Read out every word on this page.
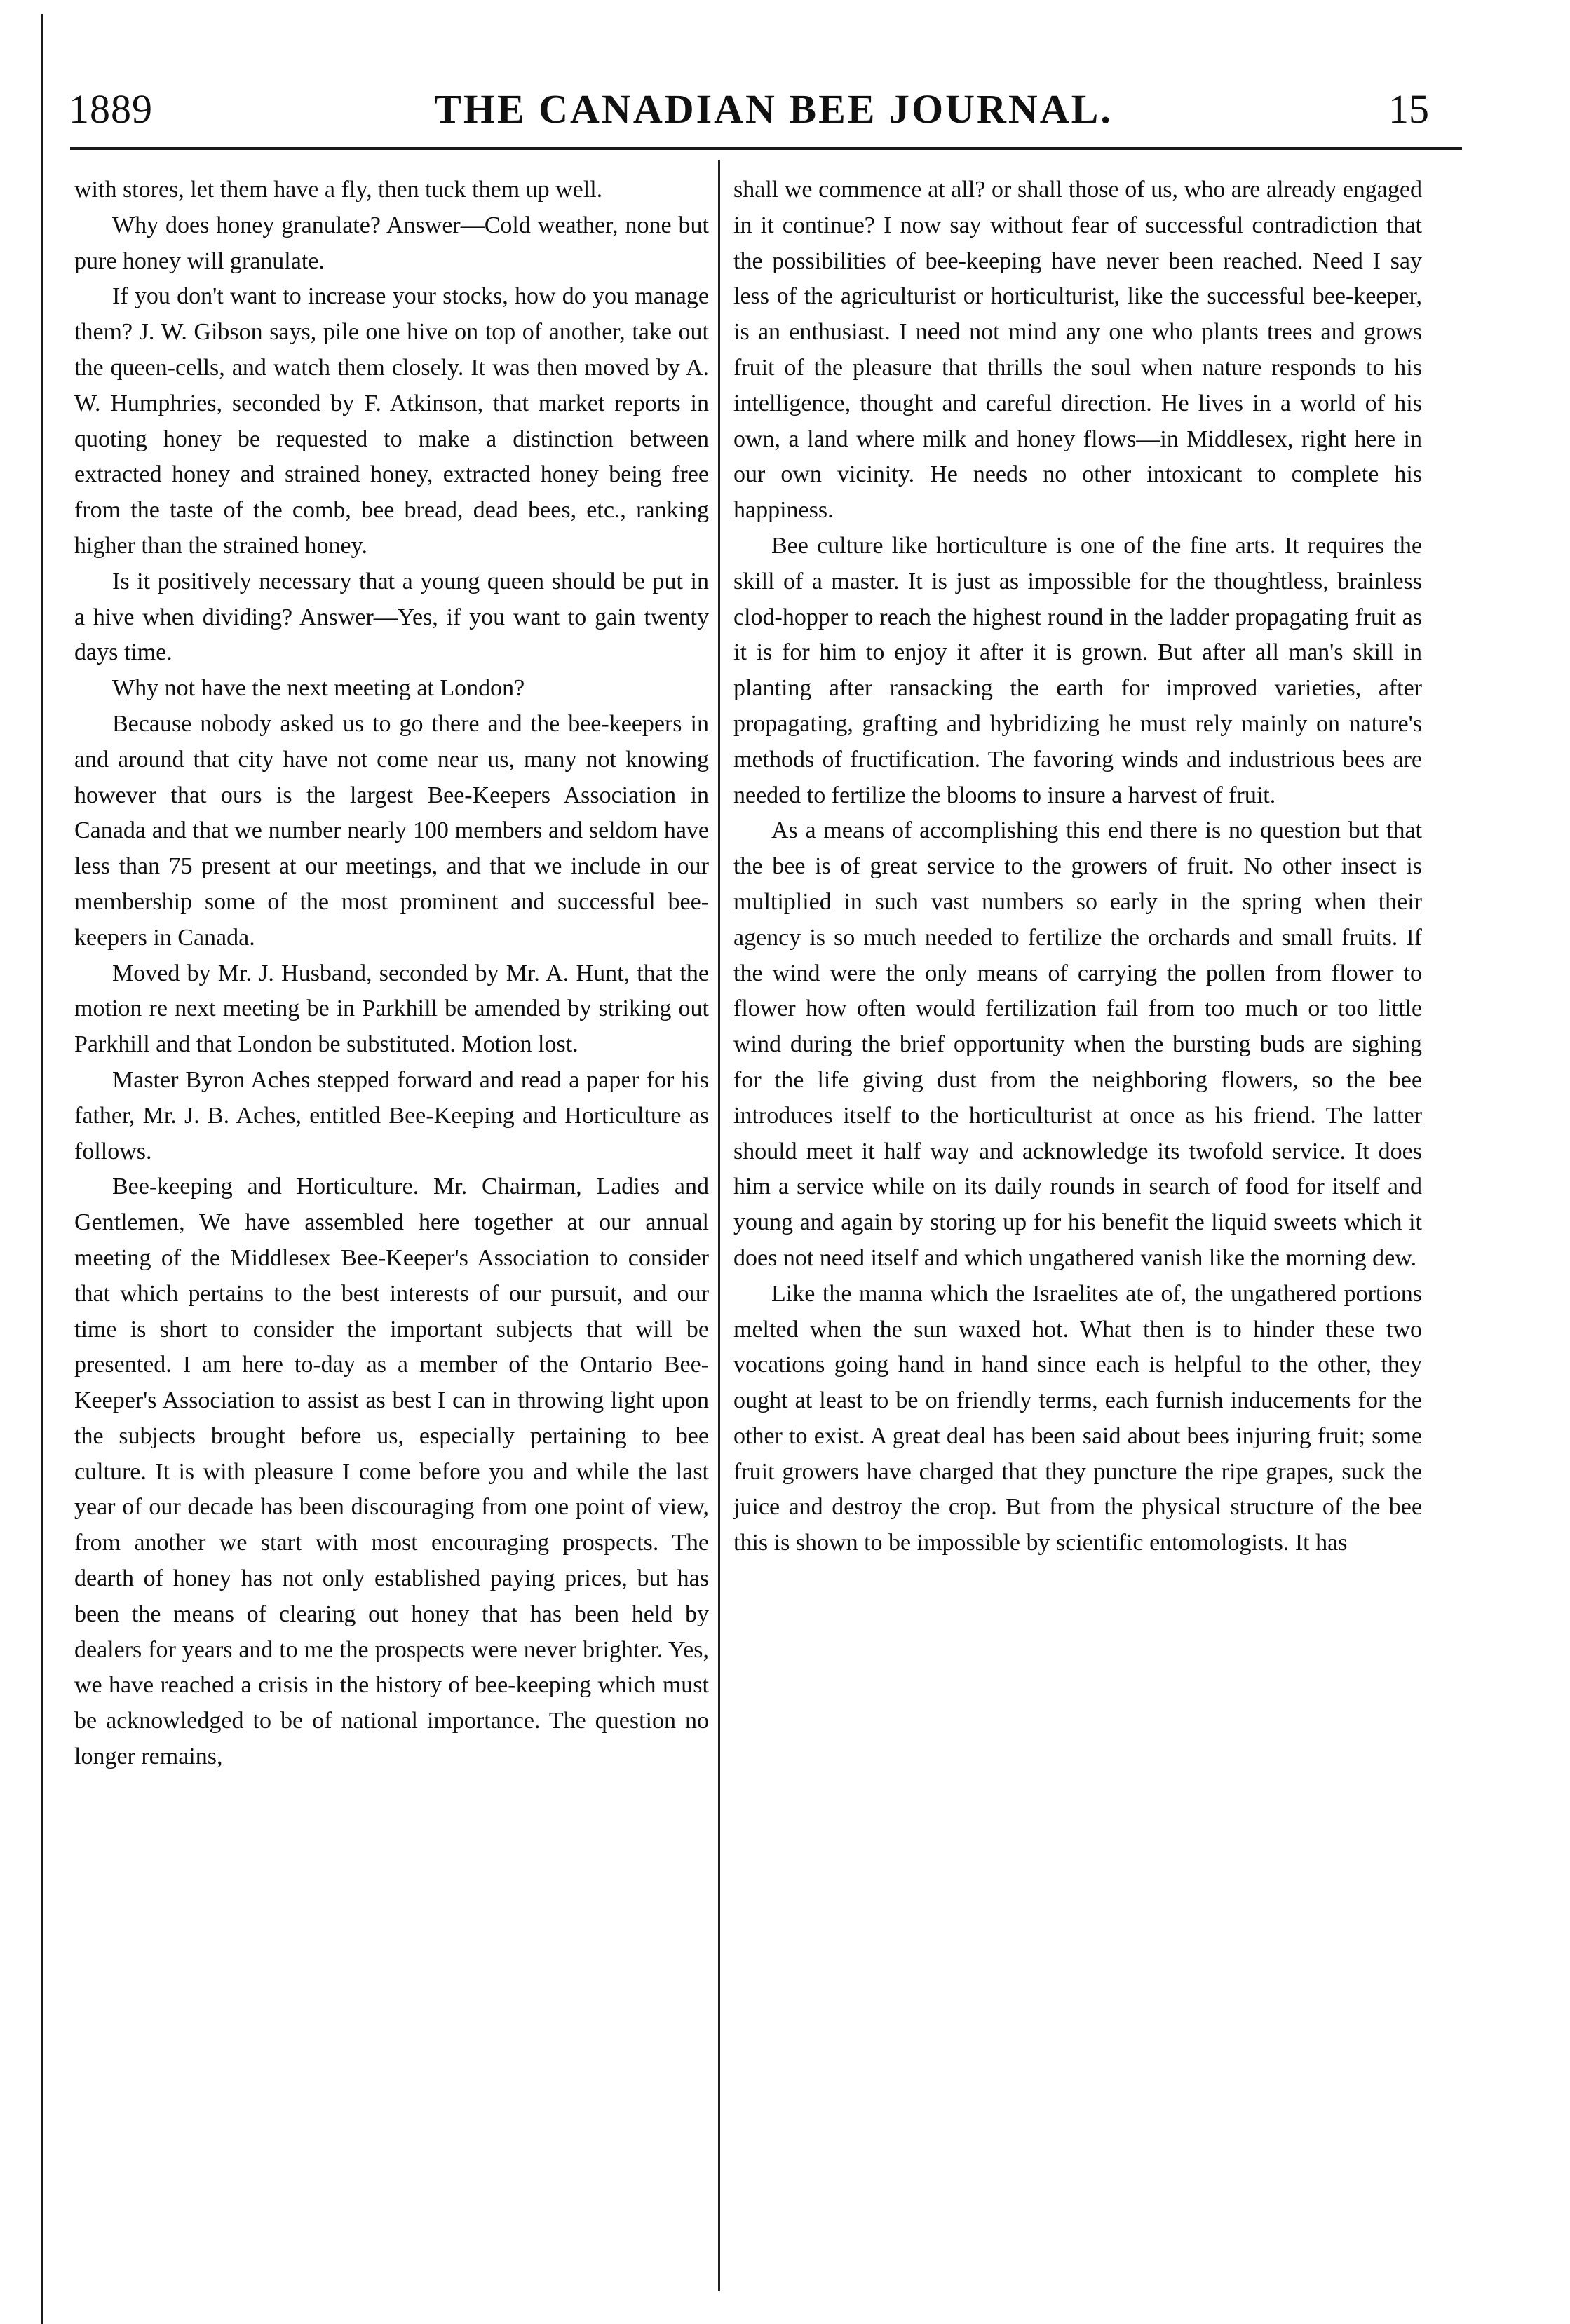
1889	THE CANADIAN BEE JOURNAL.	15

with stores, let them have a fly, then tuck them up well.

Why does honey granulate? Answer—Cold weather, none but pure honey will granulate.

If you don't want to increase your stocks, how do you manage them? J. W. Gibson says, pile one hive on top of another, take out the queen-cells, and watch them closely. It was then moved by A. W. Humphries, seconded by F. Atkinson, that market reports in quoting honey be requested to make a distinction between extracted honey and strained honey, extracted honey being free from the taste of the comb, bee bread, dead bees, etc., ranking higher than the strained honey.

Is it positively necessary that a young queen should be put in a hive when dividing? Answer—Yes, if you want to gain twenty days time.

Why not have the next meeting at London?

Because nobody asked us to go there and the bee-keepers in and around that city have not come near us, many not knowing however that ours is the largest Bee-Keepers Association in Canada and that we number nearly 100 members and seldom have less than 75 present at our meetings, and that we include in our membership some of the most prominent and successful bee-keepers in Canada.

Moved by Mr. J. Husband, seconded by Mr. A. Hunt, that the motion re next meeting be in Parkhill be amended by striking out Parkhill and that London be substituted. Motion lost.

Master Byron Aches stepped forward and read a paper for his father, Mr. J. B. Aches, entitled Bee-Keeping and Horticulture as follows.

Bee-keeping and Horticulture. Mr. Chairman, Ladies and Gentlemen, We have assembled here together at our annual meeting of the Middlesex Bee-Keeper's Association to consider that which pertains to the best interests of our pursuit, and our time is short to consider the important subjects that will be presented. I am here to-day as a member of the Ontario Bee-Keeper's Association to assist as best I can in throwing light upon the subjects brought before us, especially pertaining to bee culture. It is with pleasure I come before you and while the last year of our decade has been discouraging from one point of view, from another we start with most encouraging prospects. The dearth of honey has not only established paying prices, but has been the means of clearing out honey that has been held by dealers for years and to me the prospects were never brighter. Yes, we have reached a crisis in the history of bee-keeping which must be acknowledged to be of national importance. The question no longer remains,

shall we commence at all? or shall those of us, who are already engaged in it continue? I now say without fear of successful contradiction that the possibilities of bee-keeping have never been reached. Need I say less of the agriculturist or horticulturist, like the successful bee-keeper, is an enthusiast. I need not mind any one who plants trees and grows fruit of the pleasure that thrills the soul when nature responds to his intelligence, thought and careful direction. He lives in a world of his own, a land where milk and honey flows—in Middlesex, right here in our own vicinity. He needs no other intoxicant to complete his happiness.

Bee culture like horticulture is one of the fine arts. It requires the skill of a master. It is just as impossible for the thoughtless, brainless clod-hopper to reach the highest round in the ladder propagating fruit as it is for him to enjoy it after it is grown. But after all man's skill in planting after ransacking the earth for improved varieties, after propagating, grafting and hybridizing he must rely mainly on nature's methods of fructification. The favoring winds and industrious bees are needed to fertilize the blooms to insure a harvest of fruit.

As a means of accomplishing this end there is no question but that the bee is of great service to the growers of fruit. No other insect is multiplied in such vast numbers so early in the spring when their agency is so much needed to fertilize the orchards and small fruits. If the wind were the only means of carrying the pollen from flower to flower how often would fertilization fail from too much or too little wind during the brief opportunity when the bursting buds are sighing for the life giving dust from the neighboring flowers, so the bee introduces itself to the horticulturist at once as his friend. The latter should meet it half way and acknowledge its twofold service. It does him a service while on its daily rounds in search of food for itself and young and again by storing up for his benefit the liquid sweets which it does not need itself and which ungathered vanish like the morning dew.

Like the manna which the Israelites ate of, the ungathered portions melted when the sun waxed hot. What then is to hinder these two vocations going hand in hand since each is helpful to the other, they ought at least to be on friendly terms, each furnish inducements for the other to exist. A great deal has been said about bees injuring fruit; some fruit growers have charged that they puncture the ripe grapes, suck the juice and destroy the crop. But from the physical structure of the bee this is shown to be impossible by scientific entomologists. It has
